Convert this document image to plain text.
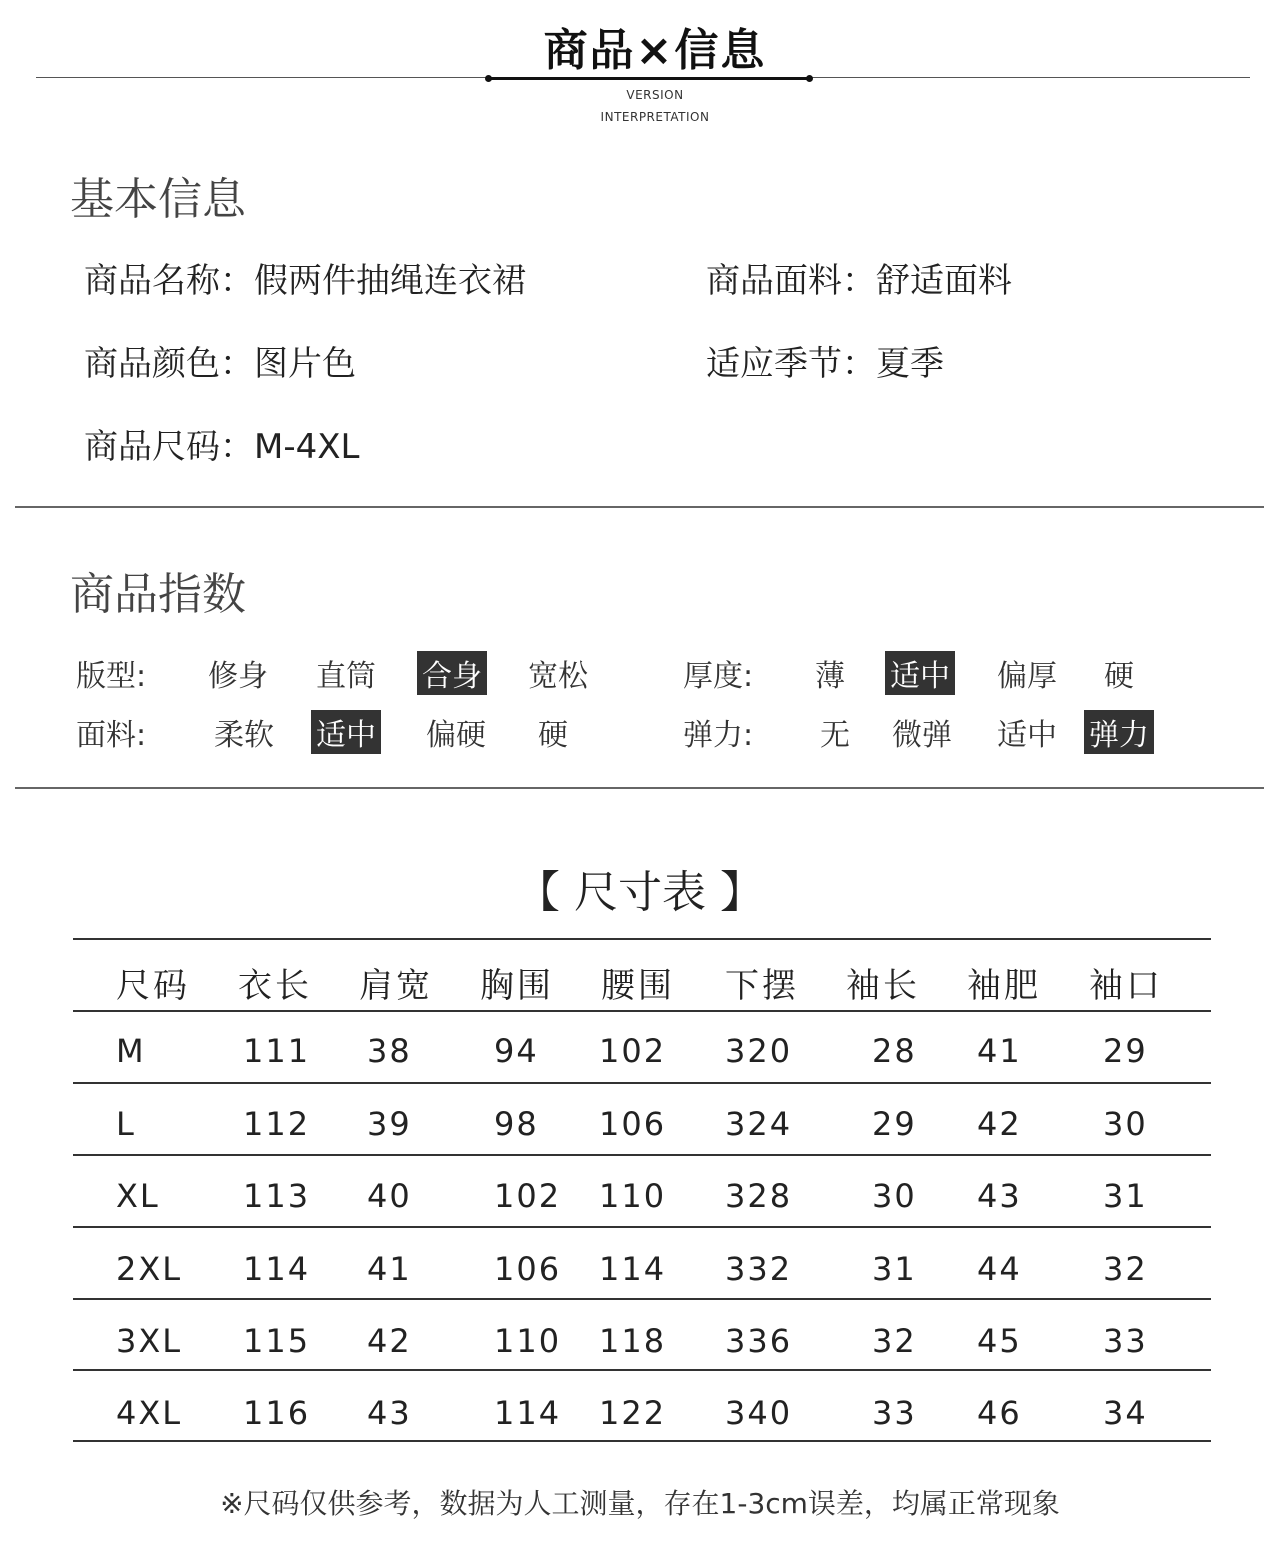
商品×信息
VERSION
INTERPRETATION
基本信息
商品名称：假两件抽绳连衣裙	商品面料：舒适面料
商品颜色：图片色	适应季节：夏季
商品尺码：M-4XL
商品指数
版型: 修身 直筒 合身 宽松	厚度: 薄 适中 偏厚 硬
面料: 柔软 适中 偏硬 硬	弹力: 无 微弹 适中 弹力
【 尺寸表 】
尺码 衣长 肩宽 胸围 腰围 下摆 袖长 袖肥 袖口
M	111 38	94 102 320 28 41	29
L	112 39	98 106 324 29 42	30
XL	113 40	102 110 328 30 43	31
2XL 114 41	106 114 332 31 44	32
3XL 115 42	110 118 336 32 45	33
4XL 116 43	114 122 340 33 46	34
※尺码仅供参考，数据为人工测量，存在1-3cm误差，均属正常现象
